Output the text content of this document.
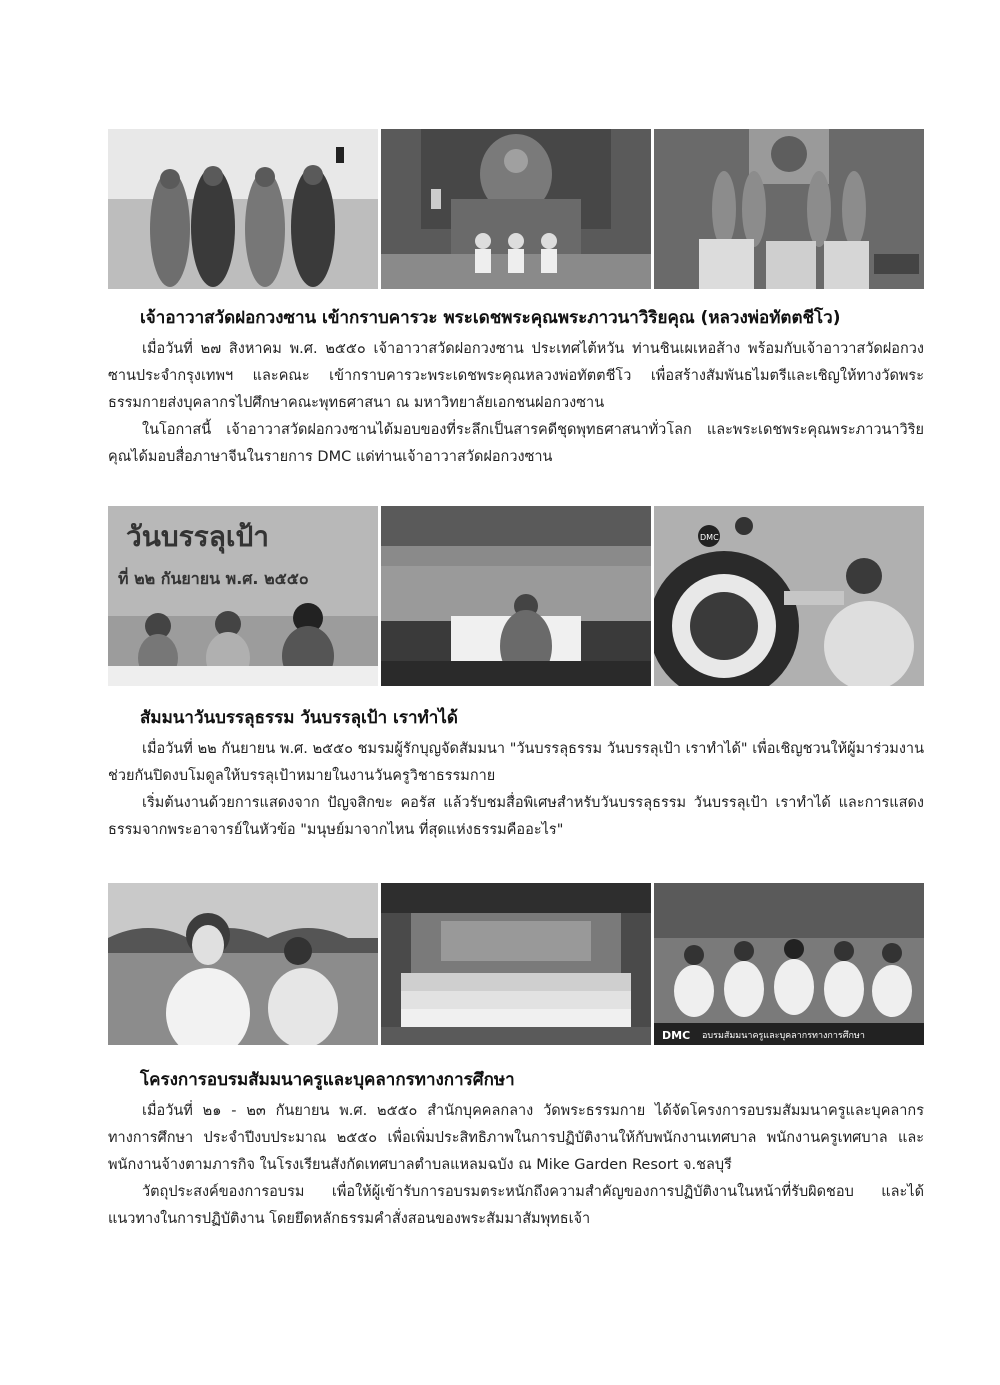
เจ้าอาวาสวัดฝอกวงซาน เข้ากราบคารวะ พระเดชพระคุณพระภาวนาวิริยคุณ (หลวงพ่อทัตตชีโว)

เมื่อวันที่ ๒๗ สิงหาคม พ.ศ. ๒๕๕๐ เจ้าอาวาสวัดฝอกวงซาน ประเทศไต้หวัน ท่านชินเผเหอส้าง พร้อมกับเจ้าอาวาสวัดฝอกวงซานประจำกรุงเทพฯ และคณะ เข้ากราบคารวะพระเดชพระคุณหลวงพ่อทัตตชีโว เพื่อสร้างสัมพันธไมตรีและเชิญให้ทางวัดพระธรรมกายส่งบุคลากรไปศึกษาคณะพุทธศาสนา ณ มหาวิทยาลัยเอกชนฝอกวงซาน

ในโอกาสนี้ เจ้าอาวาสวัดฝอกวงซานได้มอบของที่ระลึกเป็นสารคดีชุดพุทธศาสนาทั่วโลก และพระเดชพระคุณพระภาวนาวิริยคุณได้มอบสื่อภาษาจีนในรายการ DMC แด่ท่านเจ้าอาวาสวัดฝอกวงซาน

วันบรรลุเป้า
ที่ ๒๒ กันยายน พ.ศ. ๒๕๕๐
DMC
สัมมนาวันบรรลุธรรม วันบรรลุเป้า เราทำได้

เมื่อวันที่ ๒๒ กันยายน พ.ศ. ๒๕๕๐ ชมรมผู้รักบุญจัดสัมมนา "วันบรรลุธรรม วันบรรลุเป้า เราทำได้" เพื่อเชิญชวนให้ผู้มาร่วมงานช่วยกันปิดงบโมดูลให้บรรลุเป้าหมายในงานวันครูวิชาธรรมกาย

เริ่มต้นงานด้วยการแสดงจาก ปัญจสิกขะ คอรัส แล้วรับชมสื่อพิเศษสำหรับวันบรรลุธรรม วันบรรลุเป้า เราทำได้ และการแสดงธรรมจากพระอาจารย์ในหัวข้อ "มนุษย์มาจากไหน ที่สุดแห่งธรรมคืออะไร"

DMC อบรมสัมมนาครูและบุคลากรทางการศึกษา
โครงการอบรมสัมมนาครูและบุคลากรทางการศึกษา

เมื่อวันที่ ๒๑ - ๒๓ กันยายน พ.ศ. ๒๕๕๐ สำนักบุคคลกลาง วัดพระธรรมกาย ได้จัดโครงการอบรมสัมมนาครูและบุคลากรทางการศึกษา ประจำปีงบประมาณ ๒๕๕๐ เพื่อเพิ่มประสิทธิภาพในการปฏิบัติงานให้กับพนักงานเทศบาล พนักงานครูเทศบาล และพนักงานจ้างตามภารกิจ ในโรงเรียนสังกัดเทศบาลตำบลแหลมฉบัง ณ Mike Garden Resort จ.ชลบุรี

วัตถุประสงค์ของการอบรม เพื่อให้ผู้เข้ารับการอบรมตระหนักถึงความสำคัญของการปฏิบัติงานในหน้าที่รับผิดชอบ และได้แนวทางในการปฏิบัติงาน โดยยึดหลักธรรมคำสั่งสอนของพระสัมมาสัมพุทธเจ้า
